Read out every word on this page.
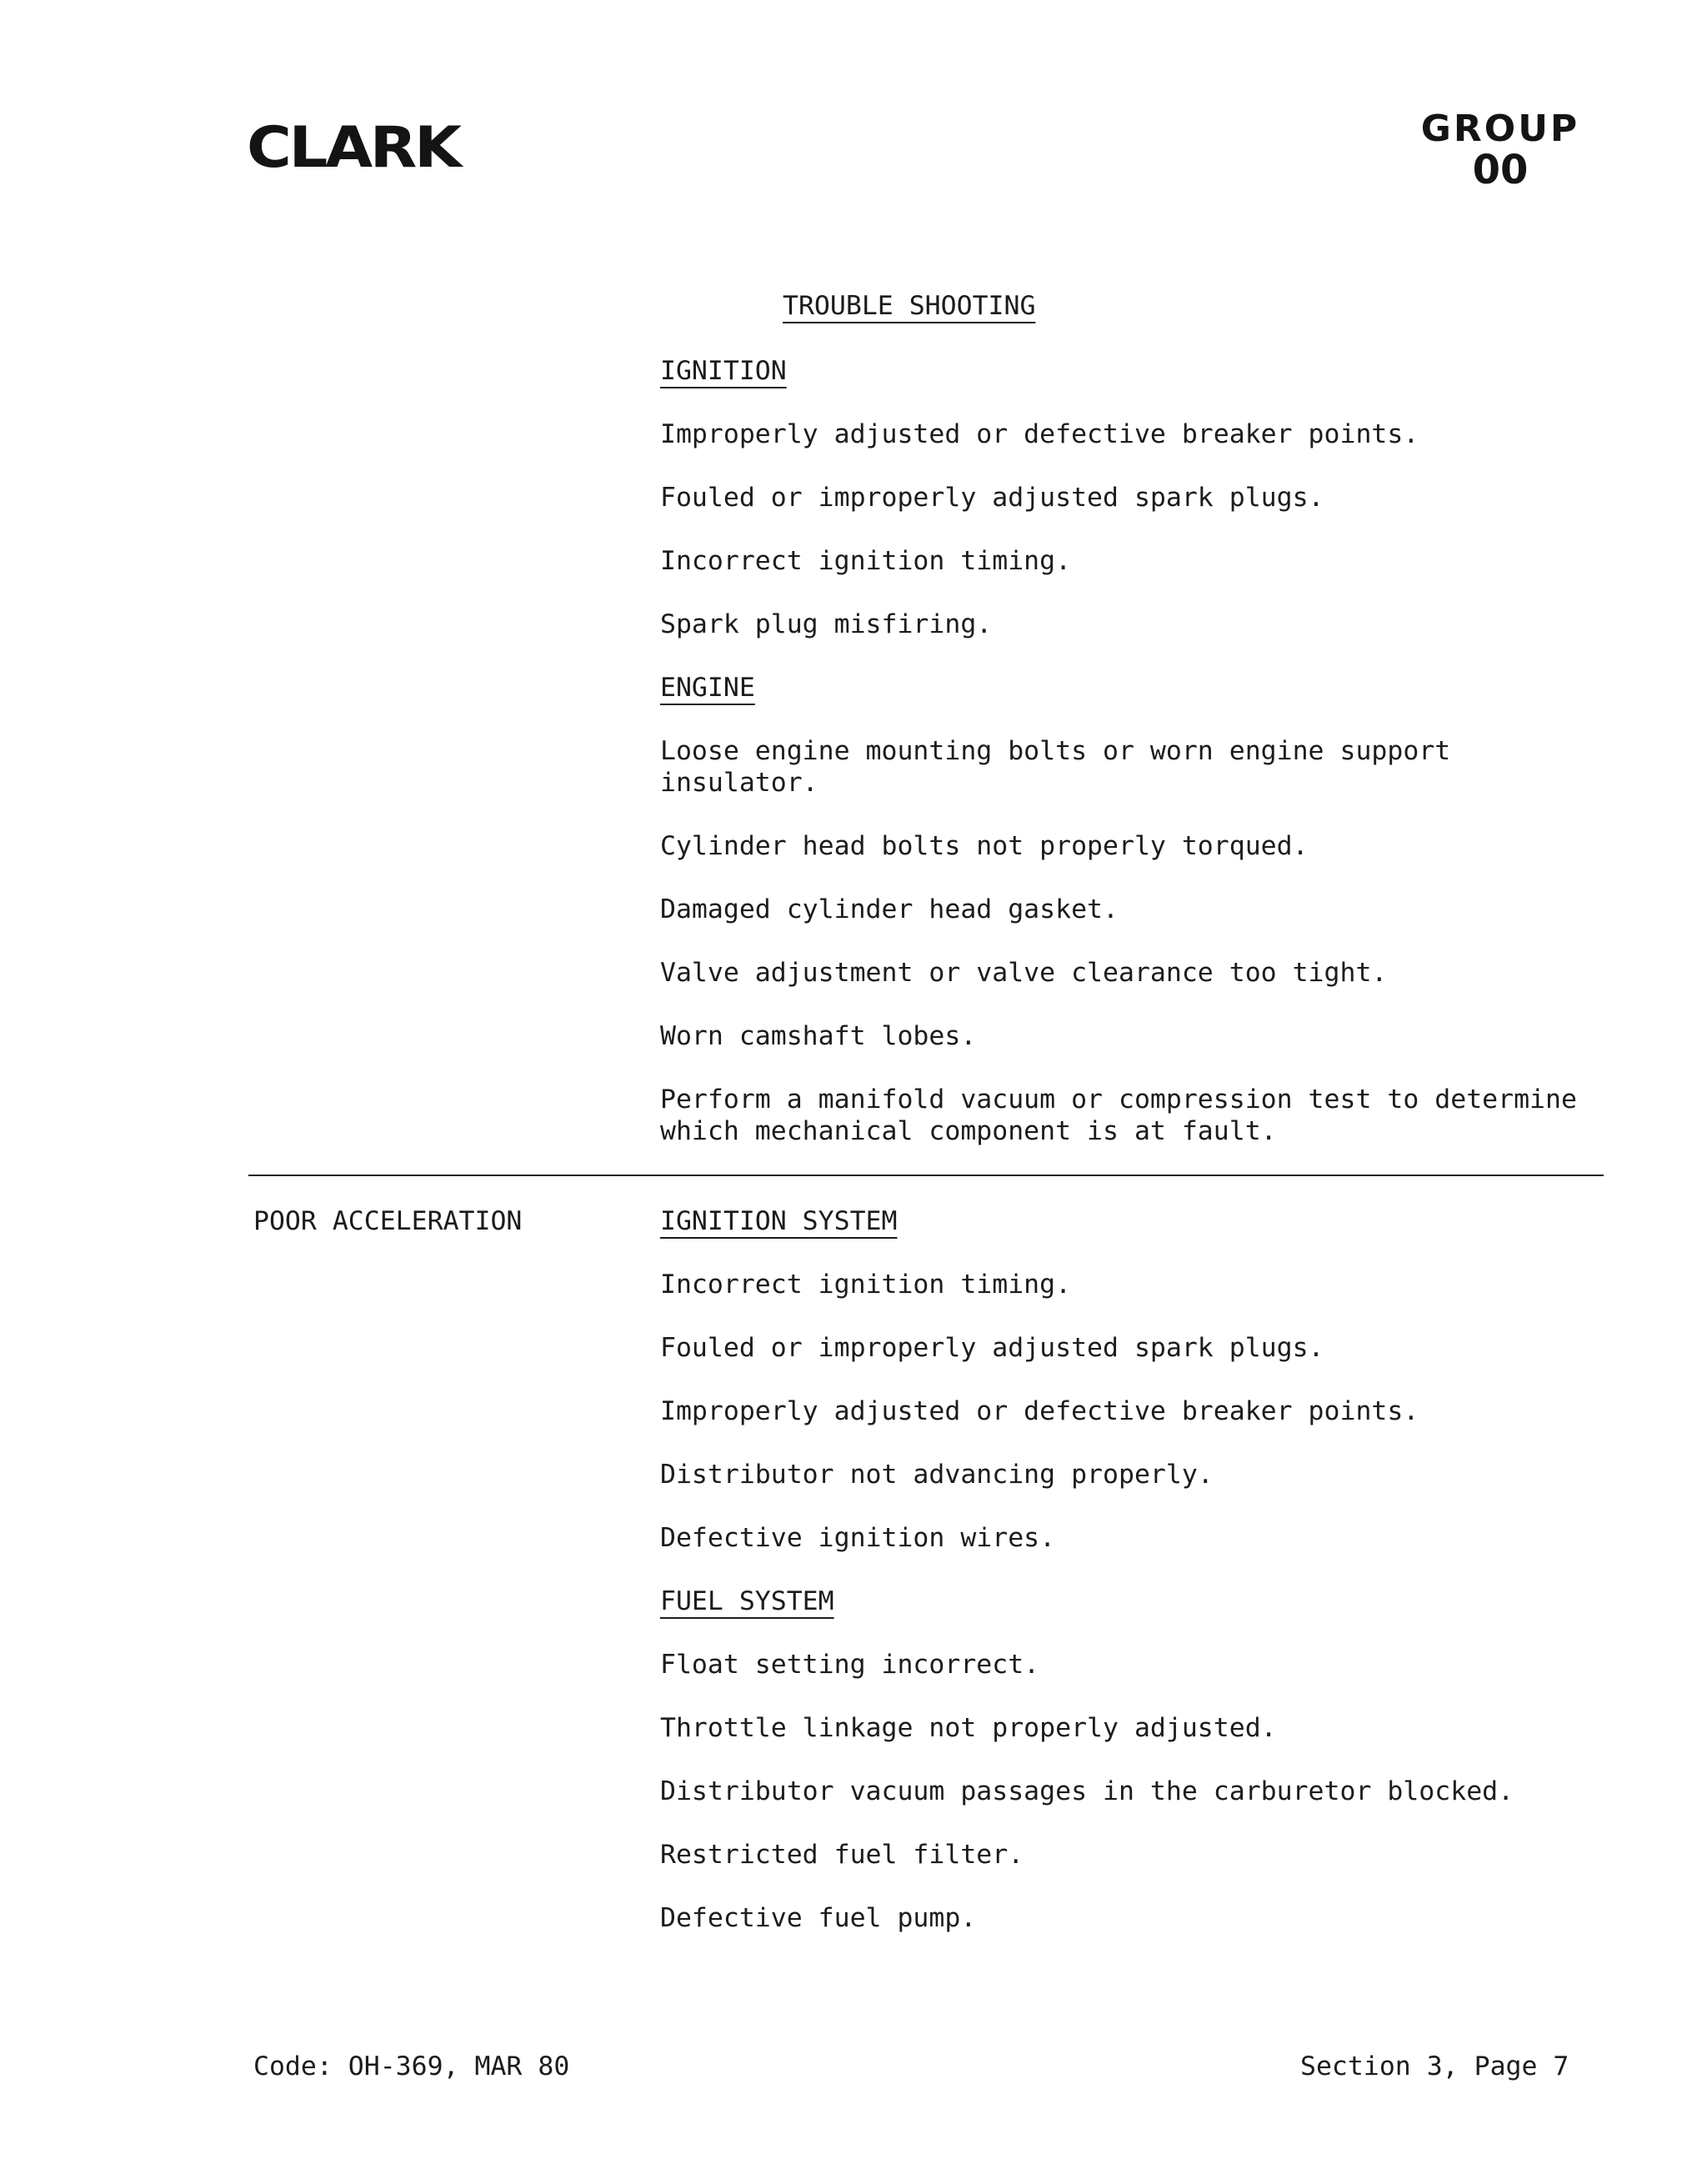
CLARK	GROUP
00
TROUBLE SHOOTING
IGNITION
Improperly adjusted or defective breaker points.
Fouled or improperly adjusted spark plugs.
Incorrect ignition timing.
Spark plug misfiring.
ENGINE
Loose engine mounting bolts or worn engine support
insulator.
Cylinder head bolts not properly torqued.
Damaged cylinder head gasket.
Valve adjustment or valve clearance too tight.
Worn camshaft lobes.
Perform a manifold vacuum or compression test to determine
which mechanical component is at fault.
POOR ACCELERATION	IGNITION SYSTEM
Incorrect ignition timing.
Fouled or improperly adjusted spark plugs.
Improperly adjusted or defective breaker points.
Distributor not advancing properly.
Defective ignition wires.
FUEL SYSTEM
Float setting incorrect.
Throttle linkage not properly adjusted.
Distributor vacuum passages in the carburetor blocked.
Restricted fuel filter.
Defective fuel pump.
Code: OH-369, MAR 80	Section 3, Page 7
